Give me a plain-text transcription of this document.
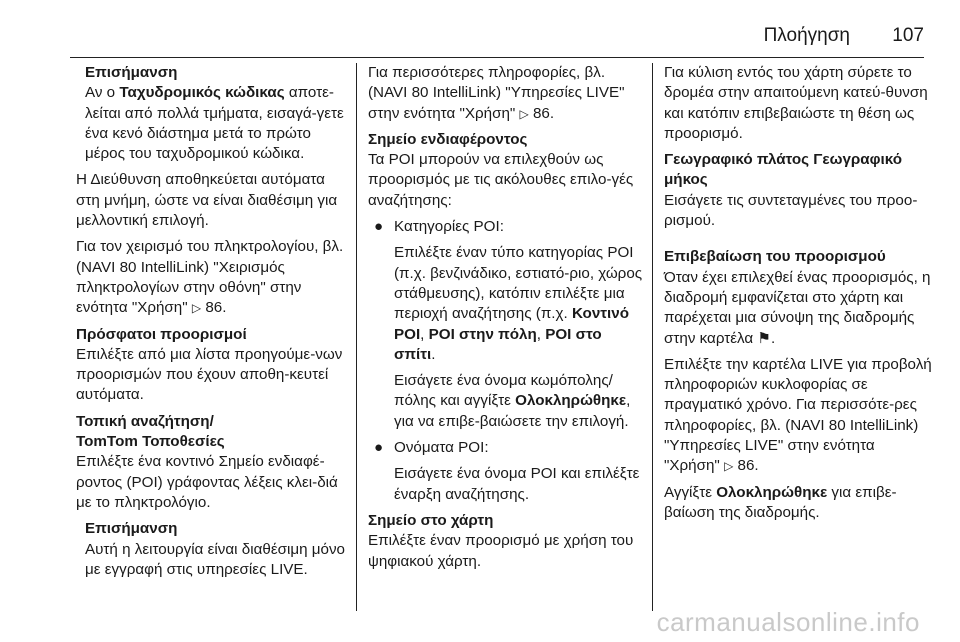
Πλοήγηση 107
Επισήμανση
Αν ο Ταχυδρομικός κώδικας αποτε-λείται από πολλά τμήματα, εισαγά-γετε ένα κενό διάστημα μετά το πρώτο μέρος του ταχυδρομικού κώδικα.

Η Διεύθυνση αποθηκεύεται αυτόματα στη μνήμη, ώστε να είναι διαθέσιμη για μελλοντική επιλογή.

Για τον χειρισμό του πληκτρολογίου, βλ. (NAVI 80 IntelliLink) "Χειρισμός πληκτρολογίων στην οθόνη" στην ενότητα "Χρήση" ▷ 86.

Πρόσφατοι προορισμοί

Επιλέξτε από μια λίστα προηγούμε-νων προορισμών που έχουν αποθη-κευτεί αυτόματα.

Τοπική αναζήτηση/
TomTom Τοποθεσίες

Επιλέξτε ένα κοντινό Σημείο ενδιαφέ-ροντος (POI) γράφοντας λέξεις κλει-διά με το πληκτρολόγιο.

Επισήμανση
Αυτή η λειτουργία είναι διαθέσιμη μόνο με εγγραφή στις υπηρεσίες LIVE.

Για περισσότερες πληροφορίες, βλ. (NAVI 80 IntelliLink) "Υπηρεσίες LIVE" στην ενότητα "Χρήση" ▷ 86.

Σημείο ενδιαφέροντος

Τα POI μπορούν να επιλεχθούν ως προορισμός με τις ακόλουθες επιλο-γές αναζήτησης:

● Κατηγορίες POI:
Επιλέξτε έναν τύπο κατηγορίας POI (π.χ. βενζινάδικο, εστιατό-ριο, χώρος στάθμευσης), κατόπιν επιλέξτε μια περιοχή αναζήτησης (π.χ. Κοντινό POI, POI στην πόλη, POI στο σπίτι.
Εισάγετε ένα όνομα κωμόπολης/ πόλης και αγγίξτε Ολοκληρώθηκε, για να επιβε-βαιώσετε την επιλογή.
● Ονόματα POI:
Εισάγετε ένα όνομα POI και επιλέξτε έναρξη αναζήτησης.
Σημείο στο χάρτη

Επιλέξτε έναν προορισμό με χρήση του ψηφιακού χάρτη.

Για κύλιση εντός του χάρτη σύρετε το δρομέα στην απαιτούμενη κατεύ-θυνση και κατόπιν επιβεβαιώστε τη θέση ως προορισμό.

Γεωγραφικό πλάτος Γεωγραφικό
μήκος

Εισάγετε τις συντεταγμένες του προο-ρισμού.

Επιβεβαίωση του προορισμού

Όταν έχει επιλεχθεί ένας προορισμός, η διαδρομή εμφανίζεται στο χάρτη και παρέχεται μια σύνοψη της διαδρομής στην καρτέλα ⚑.

Επιλέξτε την καρτέλα LIVE για προβολή πληροφοριών κυκλοφορίας σε πραγματικό χρόνο. Για περισσότε-ρες πληροφορίες, βλ. (NAVI 80 IntelliLink) "Υπηρεσίες LIVE" στην ενότητα "Χρήση" ▷ 86.

Αγγίξτε Ολοκληρώθηκε για επιβε-βαίωση της διαδρομής.

carmanualsonline.info
